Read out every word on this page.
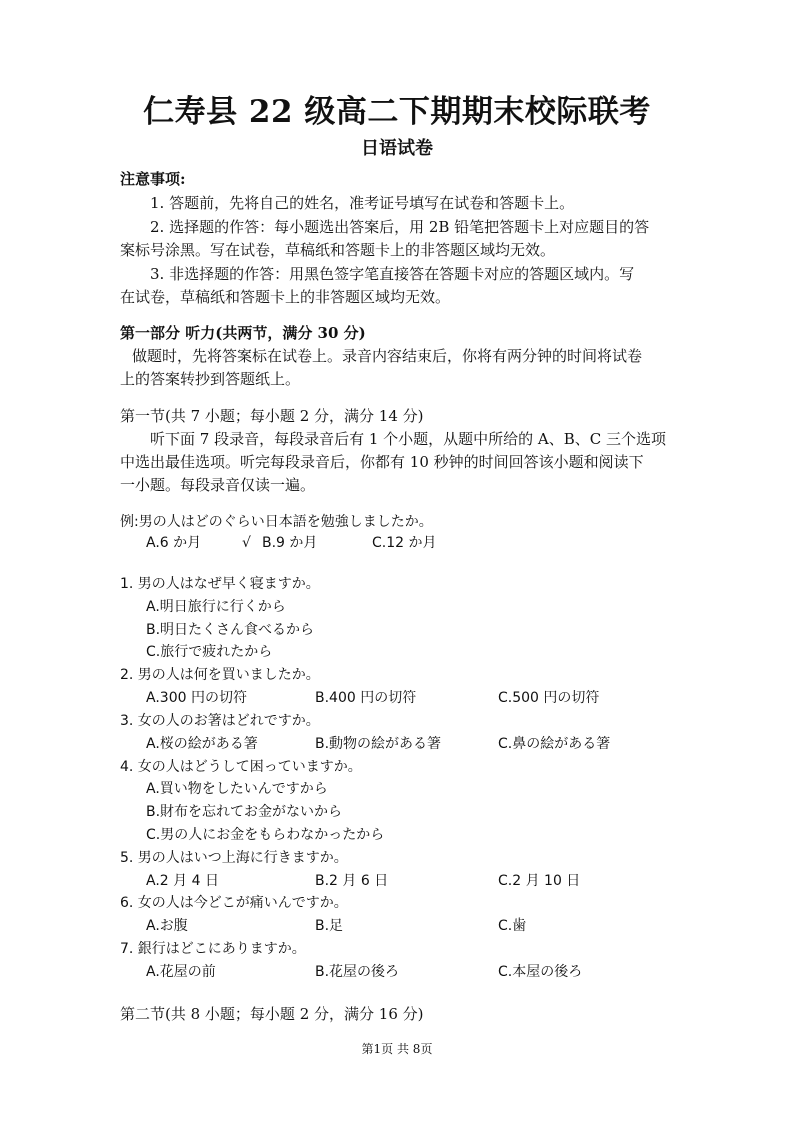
仁寿县 22 级高二下期期末校际联考
日语试卷
注意事项:
1. 答题前，先将自己的姓名，准考证号填写在试卷和答题卡上。
2. 选择题的作答：每小题选出答案后，用 2B 铅笔把答题卡上对应题目的答
案标号涂黑。写在试卷，草稿纸和答题卡上的非答题区域均无效。
3. 非选择题的作答：用黑色签字笔直接答在答题卡对应的答题区域内。写
在试卷，草稿纸和答题卡上的非答题区域均无效。
第一部分 听力(共两节，满分 30 分)
做题时，先将答案标在试卷上。录音内容结束后，你将有两分钟的时间将试卷
上的答案转抄到答题纸上。
第一节(共 7 小题；每小题 2 分，满分 14 分)
听下面 7 段录音，每段录音后有 1 个小题，从题中所给的 A、B、C 三个选项
中选出最佳选项。听完每段录音后，你都有 10 秒钟的时间回答该小题和阅读下
一小题。每段录音仅读一遍。
例:男の人はどのぐらい日本語を勉強しましたか。
A.6 か月	√ B.9 か月	C.12 か月
1. 男の人はなぜ早く寝ますか。
A.明日旅行に行くから
B.明日たくさん食べるから
C.旅行で疲れたから
2. 男の人は何を買いましたか。
A.300 円の切符	B.400 円の切符	C.500 円の切符
3. 女の人のお箸はどれですか。
A.桜の絵がある箸	B.動物の絵がある箸	C.鼻の絵がある箸
4. 女の人はどうして困っていますか。
A.買い物をしたいんですから
B.財布を忘れてお金がないから
C.男の人にお金をもらわなかったから
5. 男の人はいつ上海に行きますか。
A.2 月 4 日	B.2 月 6 日	C.2 月 10 日
6. 女の人は今どこが痛いんですか。
A.お腹	B.足	C.歯
7. 銀行はどこにありますか。
A.花屋の前	B.花屋の後ろ	C.本屋の後ろ
第二节(共 8 小题；每小题 2 分，满分 16 分)
第1页 共 8页
